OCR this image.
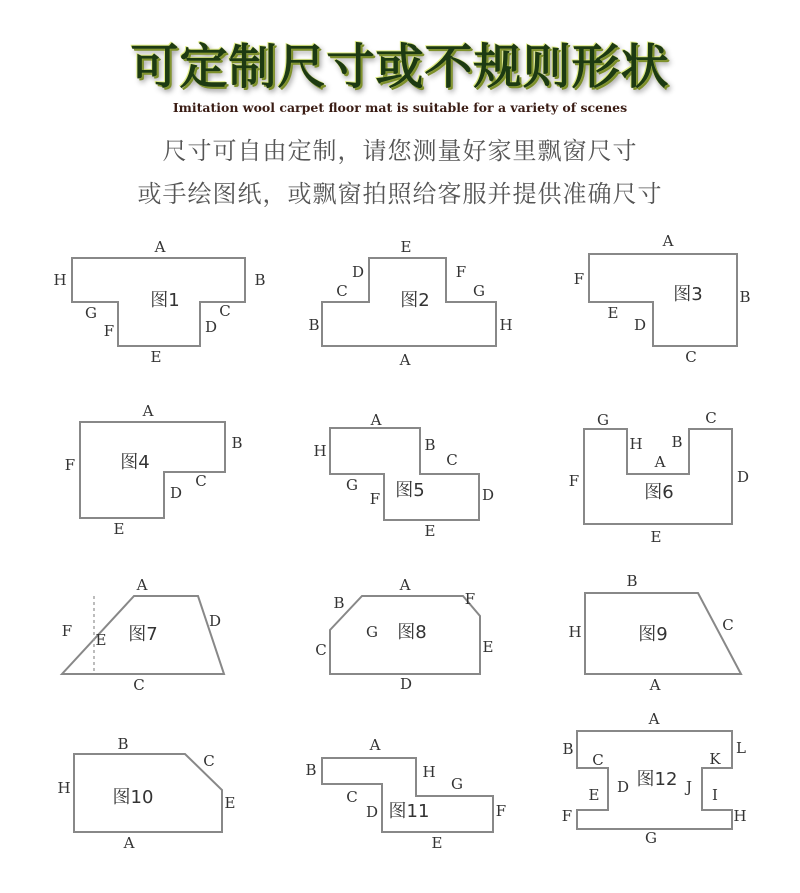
可定制尺寸或不规则形状

Imitation wool carpet floor mat is suitable for a variety of scenes

尺寸可自由定制，请您测量好家里飘窗尺寸

或手绘图纸，或飘窗拍照给客服并提供准确尺寸

图1
A
B
C
D
E
F
G
H
图2
E
D	F
C	G
B	H
A
图3
A
F
B
E
D
C
图4
A
B
F
C
D
E
图5
A
H	B
C
G
F	D
E
图6
G	C
H B
A
F	D
E
图7
A
F E
D
C
图8
A
B	F
G
C	E
D
图9
B
H	C
A
图10
B
C
H
E
A
图11
A
B	H
G
C
D	F
E
图12
A
B	L
C	K
D	J
E	I
F	H
G
